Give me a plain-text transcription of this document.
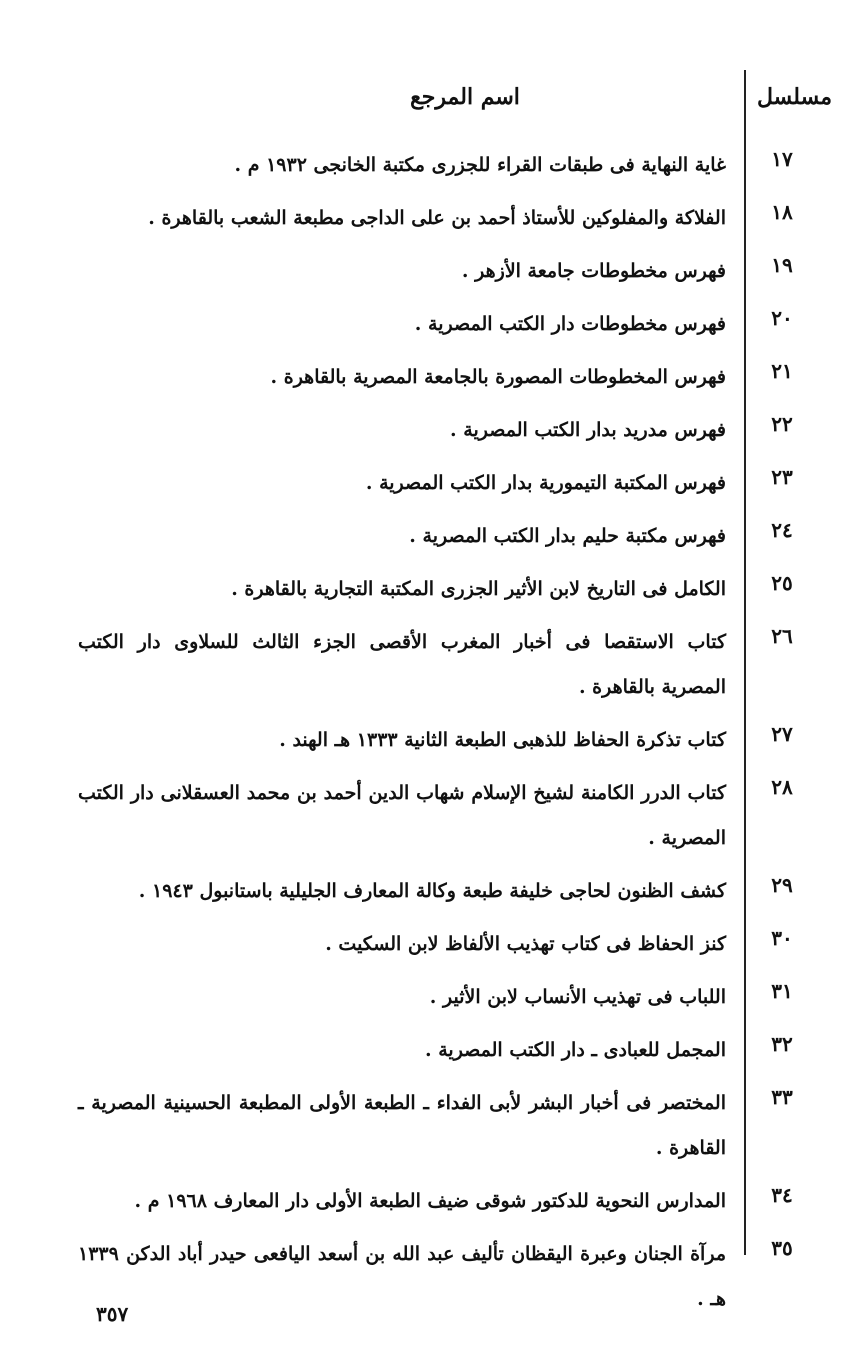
مسلسل
اسم المرجع
١٧
غاية النهاية فى طبقات القراء للجزرى مكتبة الخانجى ١٩٣٢ م .
١٨
الفلاكة والمفلوكين للأستاذ أحمد بن على الداجى مطبعة الشعب بالقاهرة .
١٩
فهرس مخطوطات جامعة الأزهر .
٢٠
فهرس مخطوطات دار الكتب المصرية .
٢١
فهرس المخطوطات المصورة بالجامعة المصرية بالقاهرة .
٢٢
فهرس مدريد بدار الكتب المصرية .
٢٣
فهرس المكتبة التيمورية بدار الكتب المصرية .
٢٤
فهرس مكتبة حليم بدار الكتب المصرية .
٢٥
الكامل فى التاريخ لابن الأثير الجزرى المكتبة التجارية بالقاهرة .
٢٦
كتاب الاستقصا فى أخبار المغرب الأقصى الجزء الثالث للسلاوى دار الكتب المصرية بالقاهرة .
٢٧
كتاب تذكرة الحفاظ للذهبى الطبعة الثانية ١٣٣٣ هـ الهند .
٢٨
كتاب الدرر الكامنة لشيخ الإسلام شهاب الدين أحمد بن محمد العسقلانى دار الكتب المصرية .
٢٩
كشف الظنون لحاجى خليفة طبعة وكالة المعارف الجليلية باستانبول ١٩٤٣ .
٣٠
كنز الحفاظ فى كتاب تهذيب الألفاظ لابن السكيت .
٣١
اللباب فى تهذيب الأنساب لابن الأثير .
٣٢
المجمل للعبادى ـ دار الكتب المصرية .
٣٣
المختصر فى أخبار البشر لأبى الفداء ـ الطبعة الأولى المطبعة الحسينية المصرية ـ القاهرة .
٣٤
المدارس النحوية للدكتور شوقى ضيف الطبعة الأولى دار المعارف ١٩٦٨ م .
٣٥
مرآة الجنان وعبرة اليقظان تأليف عبد الله بن أسعد اليافعى حيدر أباد الدكن ١٣٣٩ هـ .
٣٥٧
